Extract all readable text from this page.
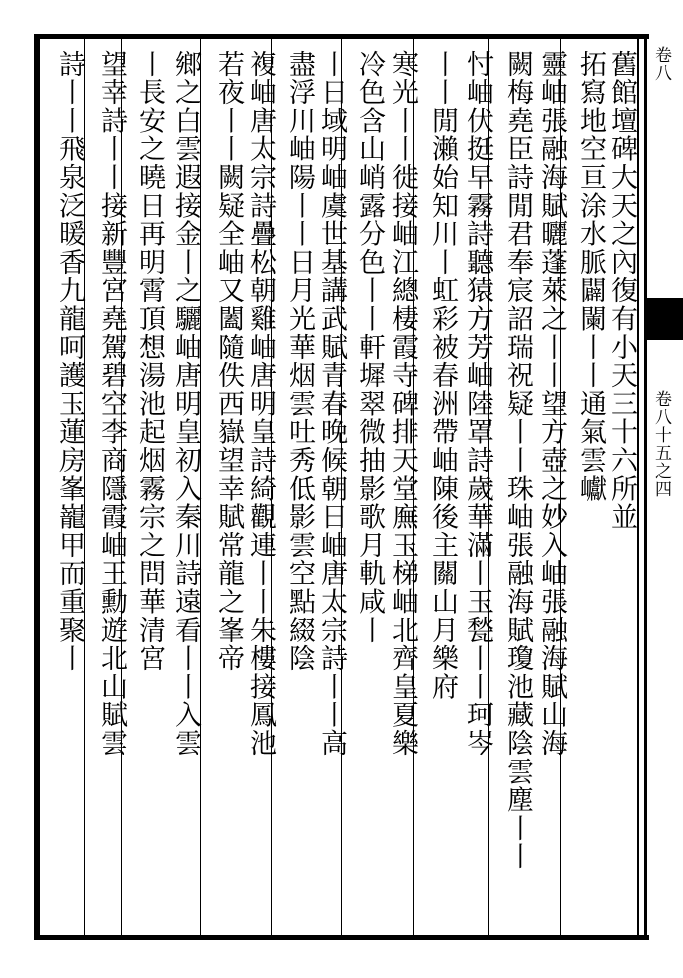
卷八
卷八十五之四
舊館壇碑大天之內復有小天三十六所並
拓寫地空亘涂水脈闢闌丨丨通氣雲巘
靈岫張融海賦曬蓬萊之丨丨望方壺之妙入岫張融海賦山海
闕梅堯臣詩閒君奉宸詔瑞祝疑丨丨珠岫張融海賦瓊池藏陰雲塵丨丨
忖岫伏挺早霧詩聽猿方芳岫陸罩詩歲華滿丨玉甃丨丨珂岑
丨丨閒瀨始知川丨虹彩被春洲帶岫陳後主關山月樂府
寒光丨丨徙接岫江總棲霞寺碑排天堂廡玉梯岫北齊皇夏樂
冷色含山峭露分色丨丨軒墀翠微抽影歌月軌咸丨
丨日域明岫虞世基講武賦青春晚候朝日岫唐太宗詩丨丨高
盡浮川岫陽丨丨日月光華烟雲吐秀低影雲空點綴陰
複岫唐太宗詩疊松朝雞岫唐明皇詩綺觀連丨丨朱樓接鳳池
若夜丨丨闕疑全岫又闔隨佚西嶽望幸賦常龍之峯帝
鄉之白雲遐接金丨之驪岫唐明皇初入秦川詩遠看丨丨入雲
丨長安之曉日再明霄頂想湯池起烟霧宗之問華清宮
望幸詩丨丨接新豐宮堯駕碧空李商隱霞岫王勳遊北山賦雲
詩丨丨飛泉泛暖香九龍呵護玉蓮房峯巃甲而重聚丨
